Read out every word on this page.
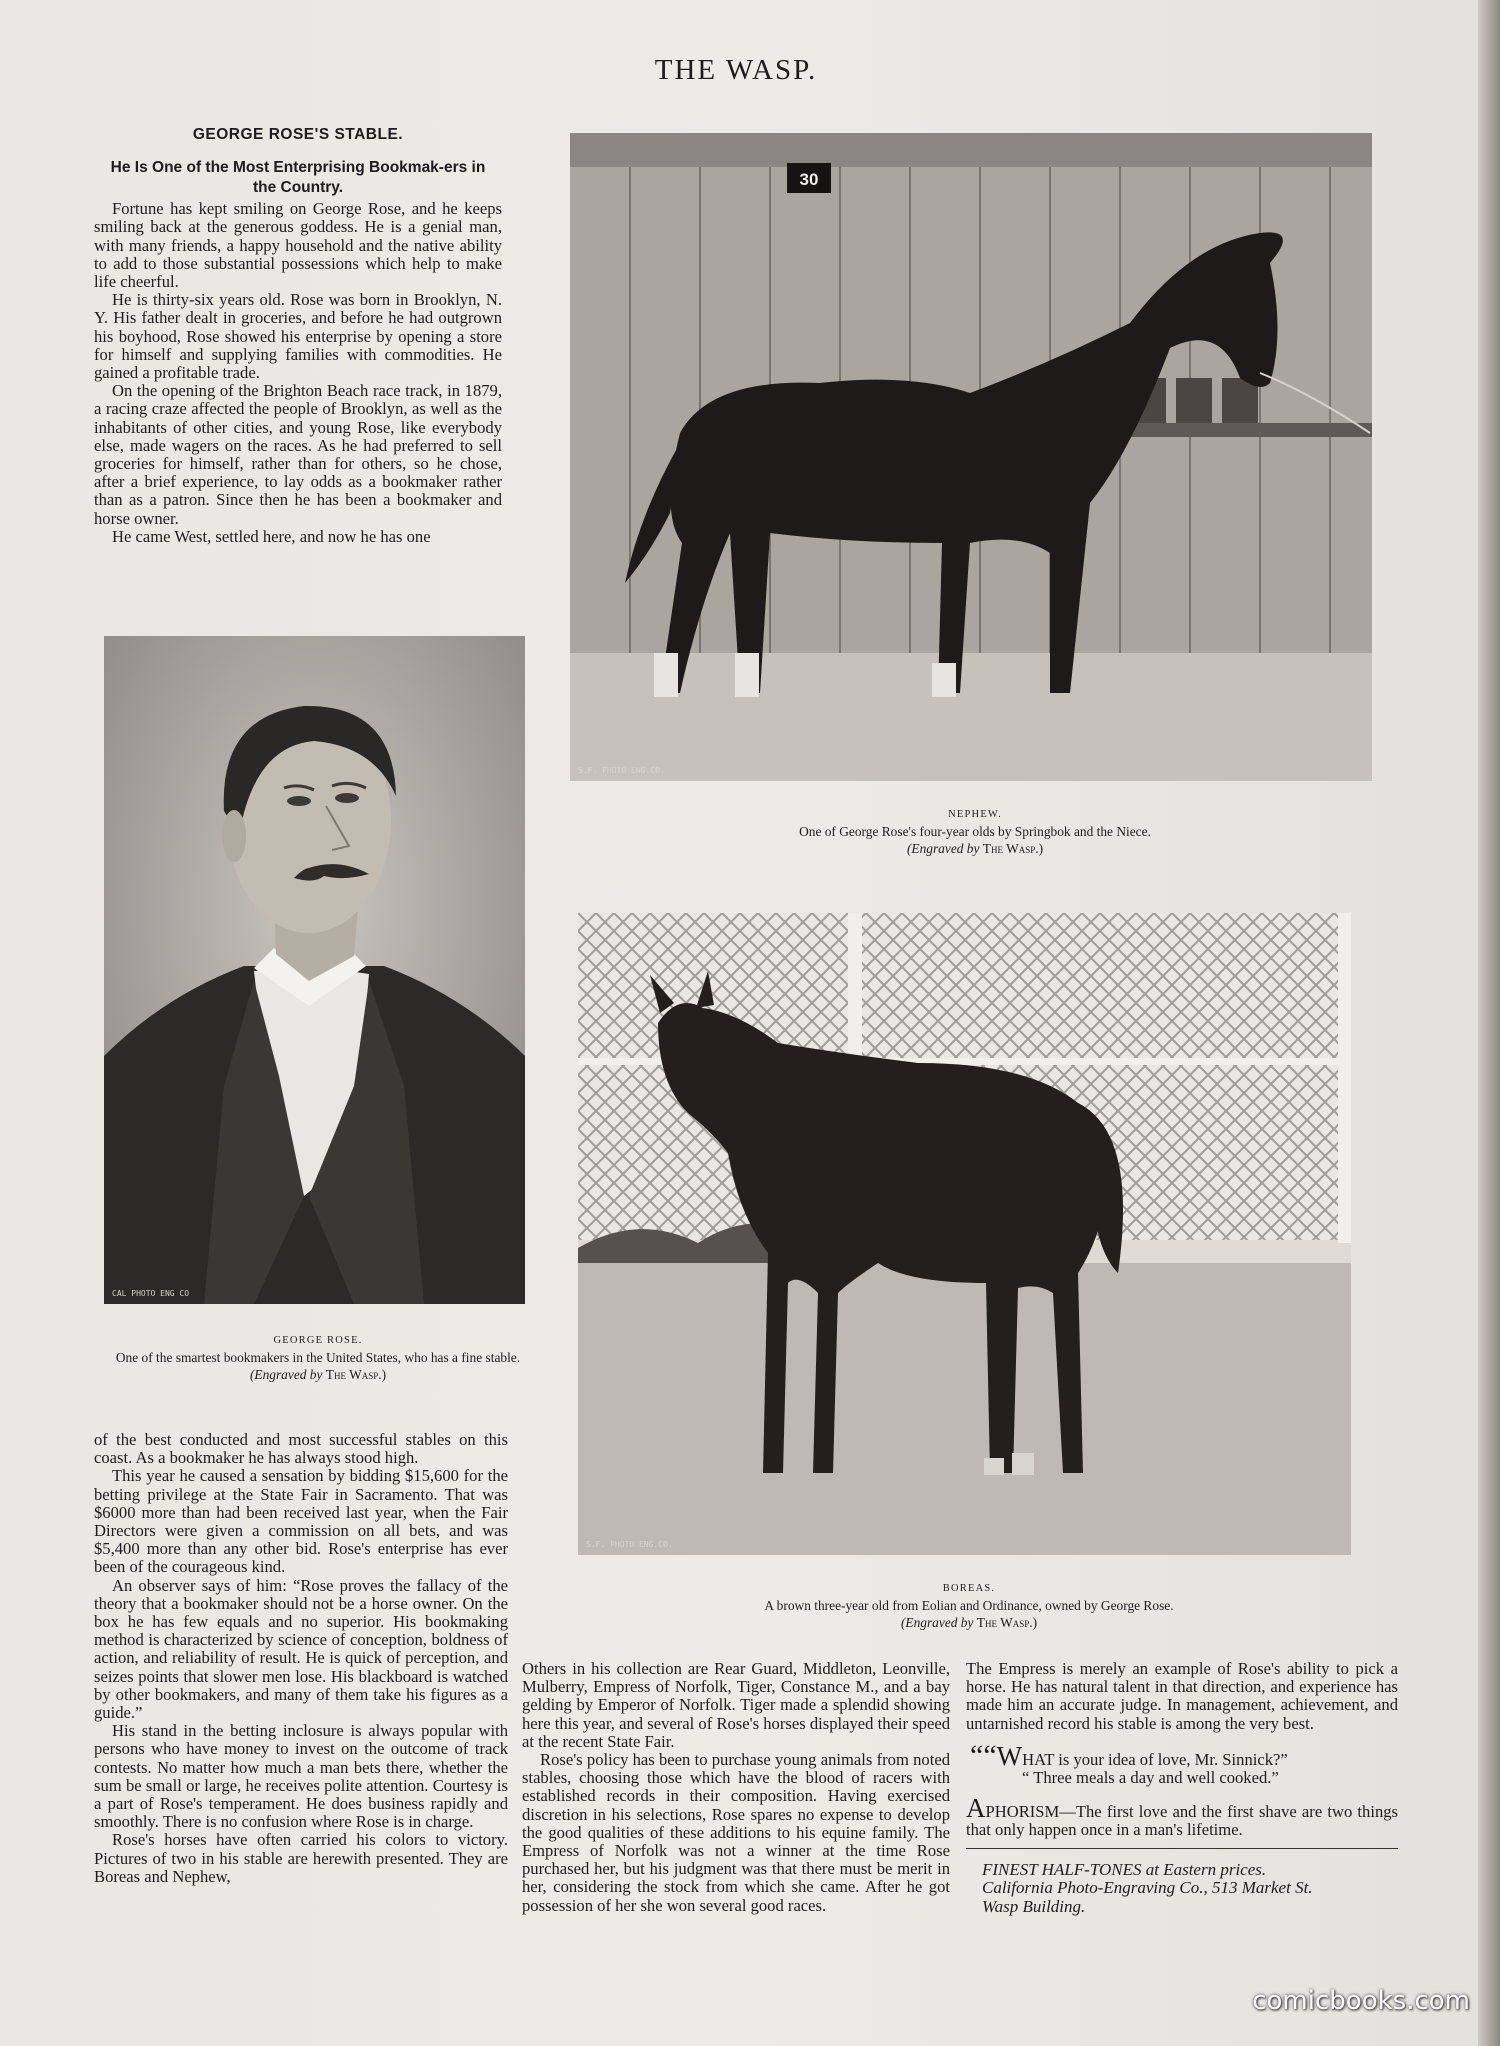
THE WASP.
GEORGE ROSE'S STABLE.
He Is One of the Most Enterprising Bookmak-ers in the Country.

Fortune has kept smiling on George Rose, and he keeps smiling back at the generous goddess. He is a genial man, with many friends, a happy household and the native ability to add to those substantial possessions which help to make life cheerful.

He is thirty-six years old. Rose was born in Brooklyn, N. Y. His father dealt in groceries, and before he had outgrown his boyhood, Rose showed his enterprise by opening a store for himself and supplying families with commodities. He gained a profitable trade.

On the opening of the Brighton Beach race track, in 1879, a racing craze affected the people of Brooklyn, as well as the inhabitants of other cities, and young Rose, like everybody else, made wagers on the races. As he had preferred to sell groceries for himself, rather than for others, so he chose, after a brief experience, to lay odds as a bookmaker rather than as a patron. Since then he has been a bookmaker and horse owner.

He came West, settled here, and now he has one

CAL PHOTO ENG CO
GEORGE ROSE.
One of the smartest bookmakers in the United States, who has a fine stable.
(Engraved by The Wasp.)

of the best conducted and most successful stables on this coast. As a bookmaker he has always stood high.

This year he caused a sensation by bidding $15,600 for the betting privilege at the State Fair in Sacramento. That was $6000 more than had been received last year, when the Fair Directors were given a commission on all bets, and was $5,400 more than any other bid. Rose's enterprise has ever been of the courageous kind.

An observer says of him: “Rose proves the fallacy of the theory that a bookmaker should not be a horse owner. On the box he has few equals and no superior. His bookmaking method is characterized by science of conception, boldness of action, and reliability of result. He is quick of perception, and seizes points that slower men lose. His blackboard is watched by other bookmakers, and many of them take his figures as a guide.”

His stand in the betting inclosure is always popular with persons who have money to invest on the outcome of track contests. No matter how much a man bets there, whether the sum be small or large, he receives polite attention. Courtesy is a part of Rose's temperament. He does business rapidly and smoothly. There is no confusion where Rose is in charge.

Rose's horses have often carried his colors to victory. Pictures of two in his stable are herewith presented. They are Boreas and Nephew,

30
S.F. PHOTO ENG.CO.
NEPHEW.
One of George Rose's four-year olds by Springbok and the Niece.
(Engraved by The Wasp.)
S.F. PHOTO ENG.CO.
BOREAS.
A brown three-year old from Eolian and Ordinance, owned by George Rose.
(Engraved by The Wasp.)

Others in his collection are Rear Guard, Middleton, Leonville, Mulberry, Empress of Norfolk, Tiger, Constance M., and a bay gelding by Emperor of Norfolk. Tiger made a splendid showing here this year, and several of Rose's horses displayed their speed at the recent State Fair.

Rose's policy has been to purchase young animals from noted stables, choosing those which have the blood of racers with established records in their composition. Having exercised discretion in his selections, Rose spares no expense to develop the good qualities of these additions to his equine family. The Empress of Norfolk was not a winner at the time Rose purchased her, but his judgment was that there must be merit in her, considering the stock from which she came. After he got possession of her she won several good races.

The Empress is merely an example of Rose's ability to pick a horse. He has natural talent in that direction, and experience has made him an accurate judge. In management, achievement, and untarnished record his stable is among the very best.

““WHAT is your idea of love, Mr. Sinnick?”
“ Three meals a day and well cooked.”
APHORISM—The first love and the first shave are two things that only happen once in a man's lifetime.
FINEST HALF-TONES at Eastern prices.
California Photo-Engraving Co., 513 Market St.
Wasp Building.
comicbooks.com
